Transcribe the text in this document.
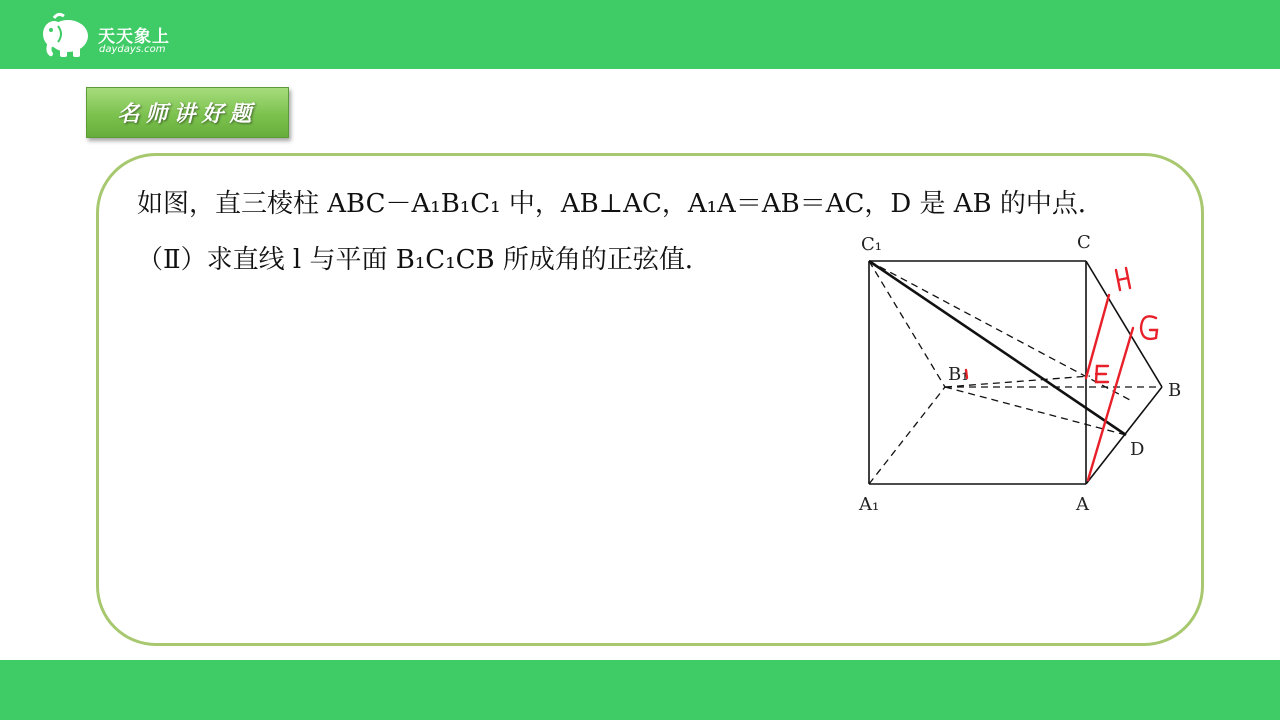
天天象上
daydays.com
名师讲好题
如图，直三棱柱 ABC－A₁B₁C₁ 中，AB⊥AC，A₁A＝AB＝AC，D 是 AB 的中点．
（Ⅱ）求直线 l 与平面 B₁C₁CB 所成角的正弦值．
C₁	C
B₁
B
A₁	A
D
